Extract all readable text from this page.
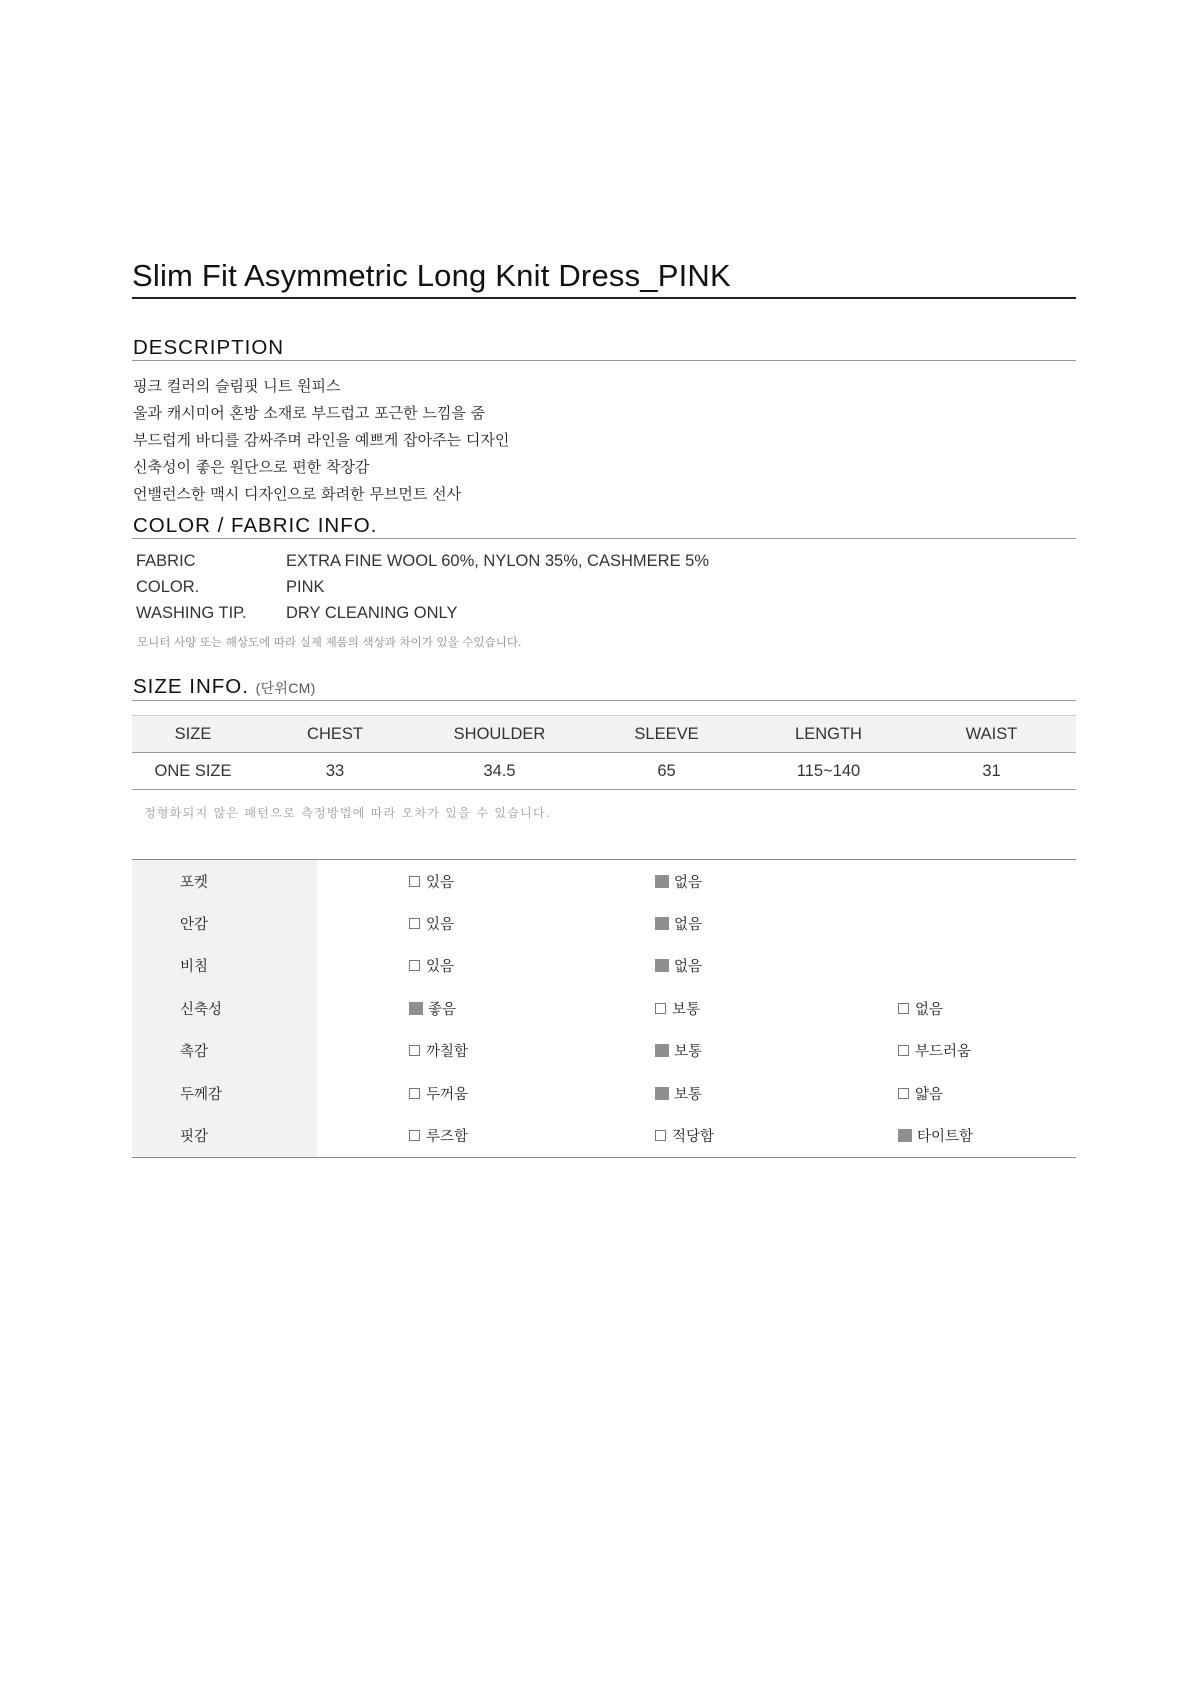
Slim Fit Asymmetric Long Knit Dress_PINK
DESCRIPTION
핑크 컬러의 슬림핏 니트 원피스
울과 캐시미어 혼방 소재로 부드럽고 포근한 느낌을 줌
부드럽게 바디를 감싸주며 라인을 예쁘게 잡아주는 디자인
신축성이 좋은 원단으로 편한 착장감
언밸런스한 맥시 디자인으로 화려한 무브먼트 선사
COLOR / FABRIC INFO.
FABRIC	EXTRA FINE WOOL 60%, NYLON 35%, CASHMERE 5%
COLOR.	PINK
WASHING TIP.	DRY CLEANING ONLY
모니터 사양 또는 해상도에 따라 실제 제품의 색상과 차이가 있을 수있습니다.
SIZE INFO. (단위CM)
SIZE	CHEST	SHOULDER	SLEEVE	LENGTH	WAIST
ONE SIZE	33	34.5	65	115~140	31
정형화되지 않은 패턴으로 측정방법에 따라 오차가 있을 수 있습니다.
포켓	있음	없음
안감	있음	없음
비침	있음	없음
신축성	좋음	보통	없음
촉감	까칠함	보통	부드러움
두께감	두꺼움	보통	얇음
핏감	루즈함	적당함	타이트함
